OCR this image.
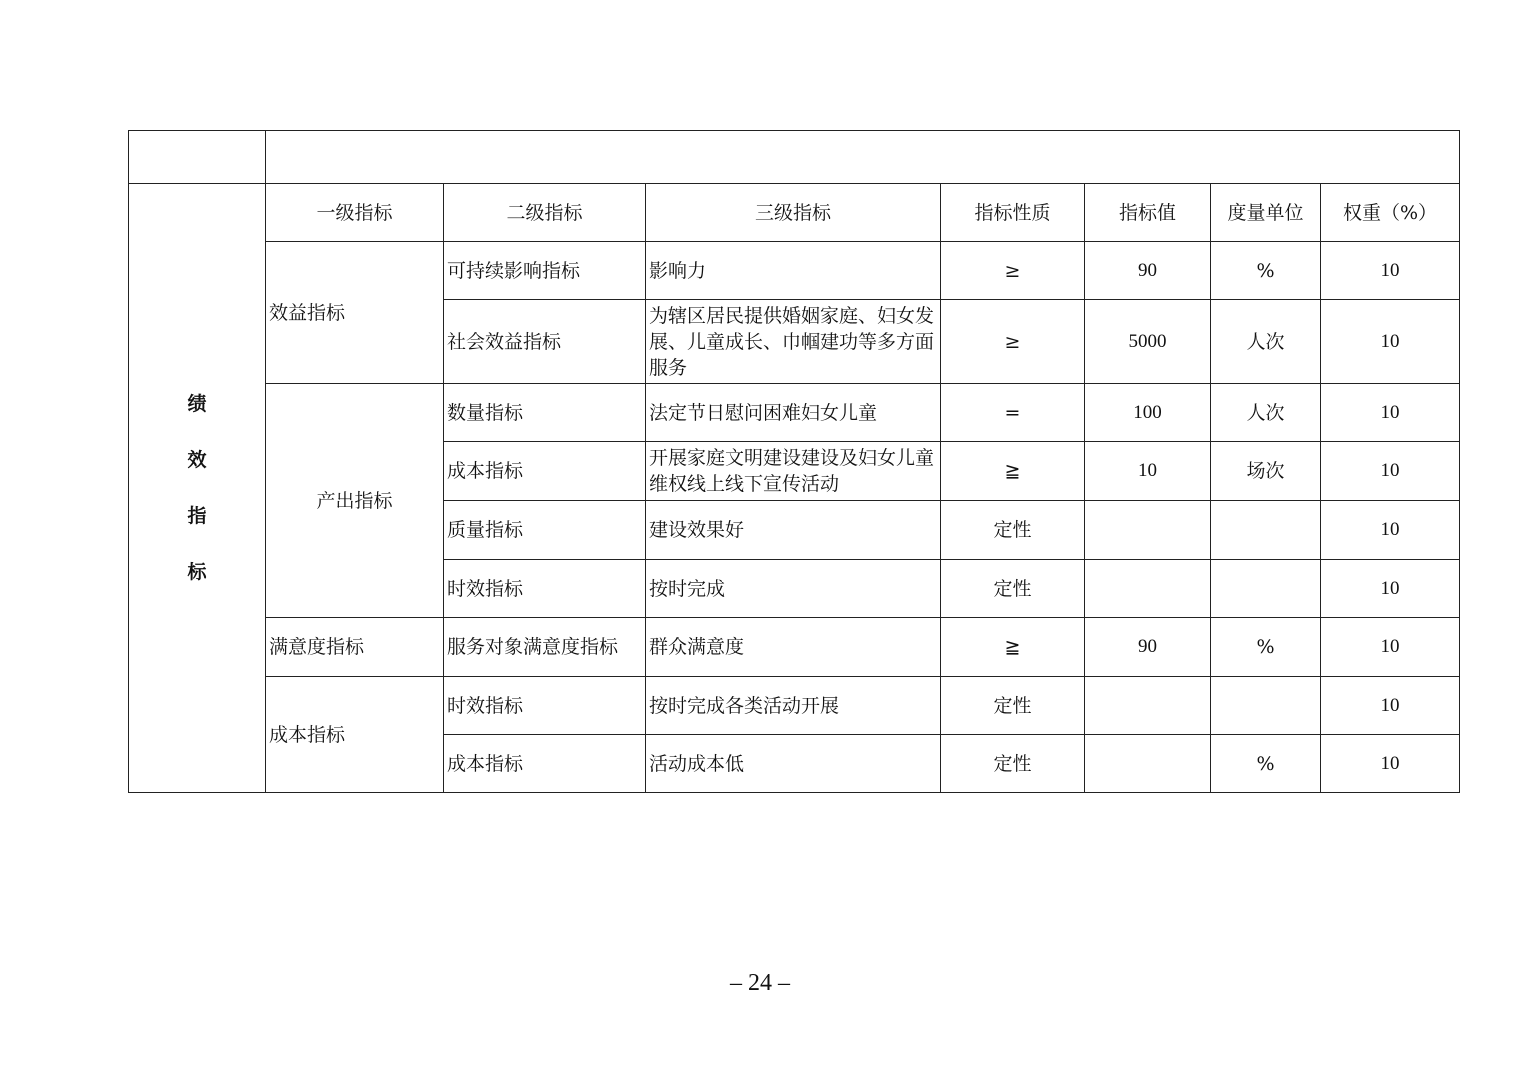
绩
效
指
标	一级指标	二级指标	三级指标	指标性质	指标值	度量单位	权重（%）
	效益指标	可持续影响指标	影响力	≥	90	%	10
		社会效益指标	为辖区居民提供婚姻家庭、妇女发展、儿童成长、巾帼建功等多方面服务	≥	5000	人次	10
	产出指标	数量指标	法定节日慰问困难妇女儿童	=	100	人次	10
		成本指标	开展家庭文明建设建设及妇女儿童维权线上线下宣传活动	≧	10	场次	10
		质量指标	建设效果好	定性			10
		时效指标	按时完成	定性			10
	满意度指标	服务对象满意度指标	群众满意度	≧	90	%	10
	成本指标	时效指标	按时完成各类活动开展	定性			10
		成本指标	活动成本低	定性		%	10
– 24 –
